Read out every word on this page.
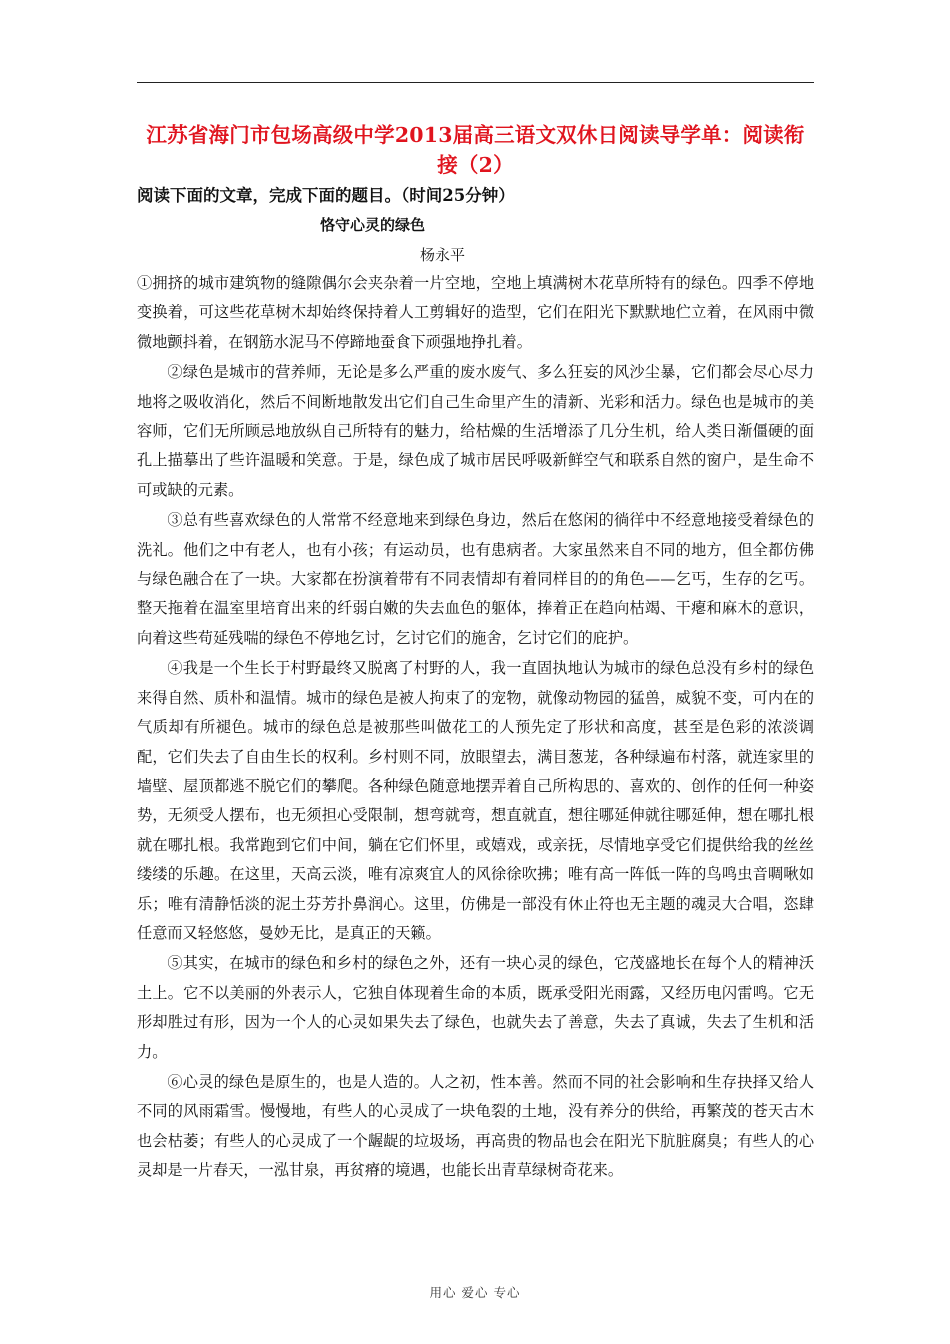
江苏省海门市包场高级中学2013届高三语文双休日阅读导学单：阅读衔接（2）
阅读下面的文章，完成下面的题目。（时间25分钟）
恪守心灵的绿色
杨永平

①拥挤的城市建筑物的缝隙偶尔会夹杂着一片空地，空地上填满树木花草所特有的绿色。四季不停地变换着，可这些花草树木却始终保持着人工剪辑好的造型，它们在阳光下默默地伫立着，在风雨中微微地颤抖着，在钢筋水泥马不停蹄地蚕食下顽强地挣扎着。

②绿色是城市的营养师，无论是多么严重的废水废气、多么狂妄的风沙尘暴，它们都会尽心尽力地将之吸收消化，然后不间断地散发出它们自己生命里产生的清新、光彩和活力。绿色也是城市的美容师，它们无所顾忌地放纵自己所特有的魅力，给枯燥的生活增添了几分生机，给人类日渐僵硬的面孔上描摹出了些许温暖和笑意。于是，绿色成了城市居民呼吸新鲜空气和联系自然的窗户，是生命不可或缺的元素。

③总有些喜欢绿色的人常常不经意地来到绿色身边，然后在悠闲的徜徉中不经意地接受着绿色的洗礼。他们之中有老人，也有小孩；有运动员，也有患病者。大家虽然来自不同的地方，但全都仿佛与绿色融合在了一块。大家都在扮演着带有不同表情却有着同样目的的角色——乞丐，生存的乞丐。整天拖着在温室里培育出来的纤弱白嫩的失去血色的躯体，捧着正在趋向枯竭、干瘪和麻木的意识，向着这些苟延残喘的绿色不停地乞讨，乞讨它们的施舍，乞讨它们的庇护。

④我是一个生长于村野最终又脱离了村野的人，我一直固执地认为城市的绿色总没有乡村的绿色来得自然、质朴和温情。城市的绿色是被人拘束了的宠物，就像动物园的猛兽，威貌不变，可内在的气质却有所褪色。城市的绿色总是被那些叫做花工的人预先定了形状和高度，甚至是色彩的浓淡调配，它们失去了自由生长的权利。乡村则不同，放眼望去，满目葱茏，各种绿遍布村落，就连家里的墙壁、屋顶都逃不脱它们的攀爬。各种绿色随意地摆弄着自己所构思的、喜欢的、创作的任何一种姿势，无须受人摆布，也无须担心受限制，想弯就弯，想直就直，想往哪延伸就往哪延伸，想在哪扎根就在哪扎根。我常跑到它们中间，躺在它们怀里，或嬉戏，或亲抚，尽情地享受它们提供给我的丝丝缕缕的乐趣。在这里，天高云淡，唯有凉爽宜人的风徐徐吹拂；唯有高一阵低一阵的鸟鸣虫音啁啾如乐；唯有清静恬淡的泥土芬芳扑鼻润心。这里，仿佛是一部没有休止符也无主题的魂灵大合唱，恣肆任意而又轻悠悠，曼妙无比，是真正的天籁。

⑤其实，在城市的绿色和乡村的绿色之外，还有一块心灵的绿色，它茂盛地长在每个人的精神沃土上。它不以美丽的外表示人，它独自体现着生命的本质，既承受阳光雨露，又经历电闪雷鸣。它无形却胜过有形，因为一个人的心灵如果失去了绿色，也就失去了善意，失去了真诚，失去了生机和活力。

⑥心灵的绿色是原生的，也是人造的。人之初，性本善。然而不同的社会影响和生存抉择又给人不同的风雨霜雪。慢慢地，有些人的心灵成了一块龟裂的土地，没有养分的供给，再繁茂的苍天古木也会枯萎；有些人的心灵成了一个龌龊的垃圾场，再高贵的物品也会在阳光下肮脏腐臭；有些人的心灵却是一片春天，一泓甘泉，再贫瘠的境遇，也能长出青草绿树奇花来。

用心 爱心 专心
